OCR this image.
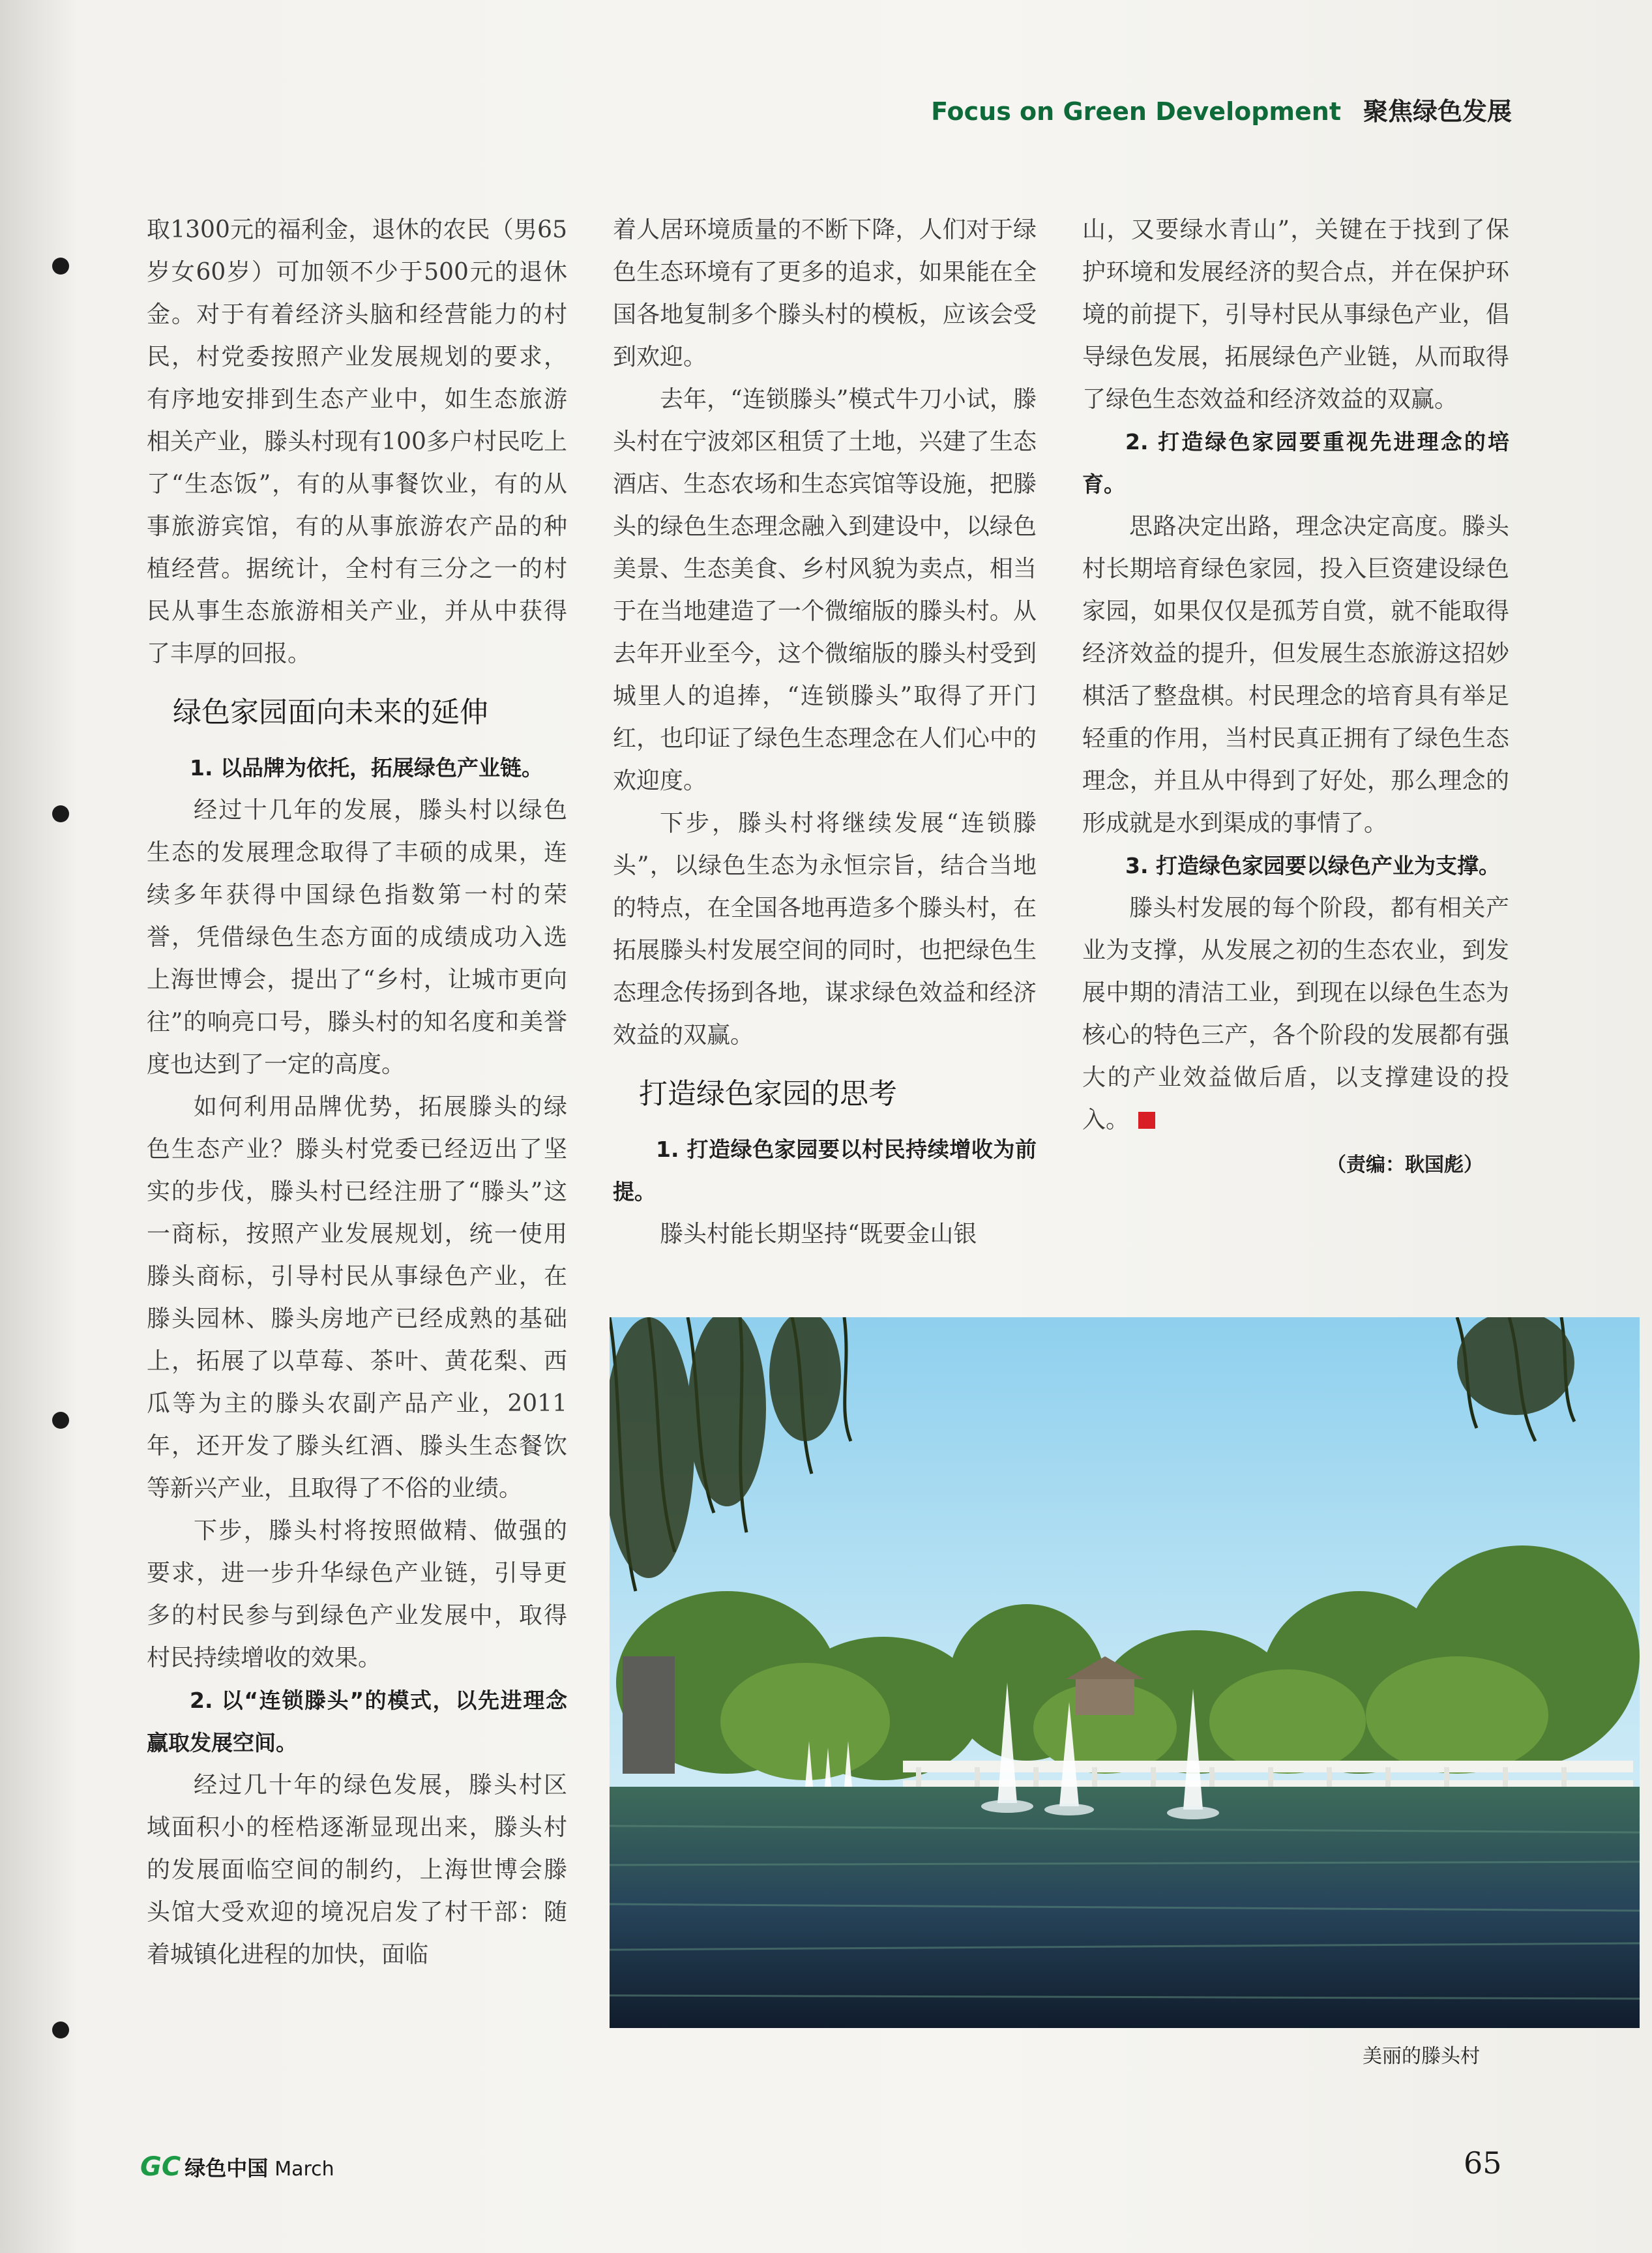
Focus on Green Development 聚焦绿色发展

取1300元的福利金，退休的农民（男65岁女60岁）可加领不少于500元的退休金。对于有着经济头脑和经营能力的村民，村党委按照产业发展规划的要求，有序地安排到生态产业中，如生态旅游相关产业，滕头村现有100多户村民吃上了“生态饭”，有的从事餐饮业，有的从事旅游宾馆，有的从事旅游农产品的种植经营。据统计，全村有三分之一的村民从事生态旅游相关产业，并从中获得了丰厚的回报。

绿色家园面向未来的延伸
1. 以品牌为依托，拓展绿色产业链。

经过十几年的发展，滕头村以绿色生态的发展理念取得了丰硕的成果，连续多年获得中国绿色指数第一村的荣誉，凭借绿色生态方面的成绩成功入选上海世博会，提出了“乡村，让城市更向往”的响亮口号，滕头村的知名度和美誉度也达到了一定的高度。

如何利用品牌优势，拓展滕头的绿色生态产业？滕头村党委已经迈出了坚实的步伐，滕头村已经注册了“滕头”这一商标，按照产业发展规划，统一使用滕头商标，引导村民从事绿色产业，在滕头园林、滕头房地产已经成熟的基础上，拓展了以草莓、茶叶、黄花梨、西瓜等为主的滕头农副产品产业，2011年，还开发了滕头红酒、滕头生态餐饮等新兴产业，且取得了不俗的业绩。

下步，滕头村将按照做精、做强的要求，进一步升华绿色产业链，引导更多的村民参与到绿色产业发展中，取得村民持续增收的效果。

2. 以“连锁滕头”的模式，以先进理念赢取发展空间。

经过几十年的绿色发展，滕头村区域面积小的桎梏逐渐显现出来，滕头村的发展面临空间的制约，上海世博会滕头馆大受欢迎的境况启发了村干部：随着城镇化进程的加快，面临

着人居环境质量的不断下降，人们对于绿色生态环境有了更多的追求，如果能在全国各地复制多个滕头村的模板，应该会受到欢迎。

去年，“连锁滕头”模式牛刀小试，滕头村在宁波郊区租赁了土地，兴建了生态酒店、生态农场和生态宾馆等设施，把滕头的绿色生态理念融入到建设中，以绿色美景、生态美食、乡村风貌为卖点，相当于在当地建造了一个微缩版的滕头村。从去年开业至今，这个微缩版的滕头村受到城里人的追捧，“连锁滕头”取得了开门红，也印证了绿色生态理念在人们心中的欢迎度。

下步，滕头村将继续发展“连锁滕头”，以绿色生态为永恒宗旨，结合当地的特点，在全国各地再造多个滕头村，在拓展滕头村发展空间的同时，也把绿色生态理念传扬到各地，谋求绿色效益和经济效益的双赢。

打造绿色家园的思考
1. 打造绿色家园要以村民持续增收为前提。

滕头村能长期坚持“既要金山银

山，又要绿水青山”，关键在于找到了保护环境和发展经济的契合点，并在保护环境的前提下，引导村民从事绿色产业，倡导绿色发展，拓展绿色产业链，从而取得了绿色生态效益和经济效益的双赢。

2. 打造绿色家园要重视先进理念的培育。

思路决定出路，理念决定高度。滕头村长期培育绿色家园，投入巨资建设绿色家园，如果仅仅是孤芳自赏，就不能取得经济效益的提升，但发展生态旅游这招妙棋活了整盘棋。村民理念的培育具有举足轻重的作用，当村民真正拥有了绿色生态理念，并且从中得到了好处，那么理念的形成就是水到渠成的事情了。

3. 打造绿色家园要以绿色产业为支撑。

滕头村发展的每个阶段，都有相关产业为支撑，从发展之初的生态农业，到发展中期的清洁工业，到现在以绿色生态为核心的特色三产，各个阶段的发展都有强大的产业效益做后盾，以支撑建设的投入。

（责编：耿国彪）
美丽的滕头村
GC 绿色中国 March	65
